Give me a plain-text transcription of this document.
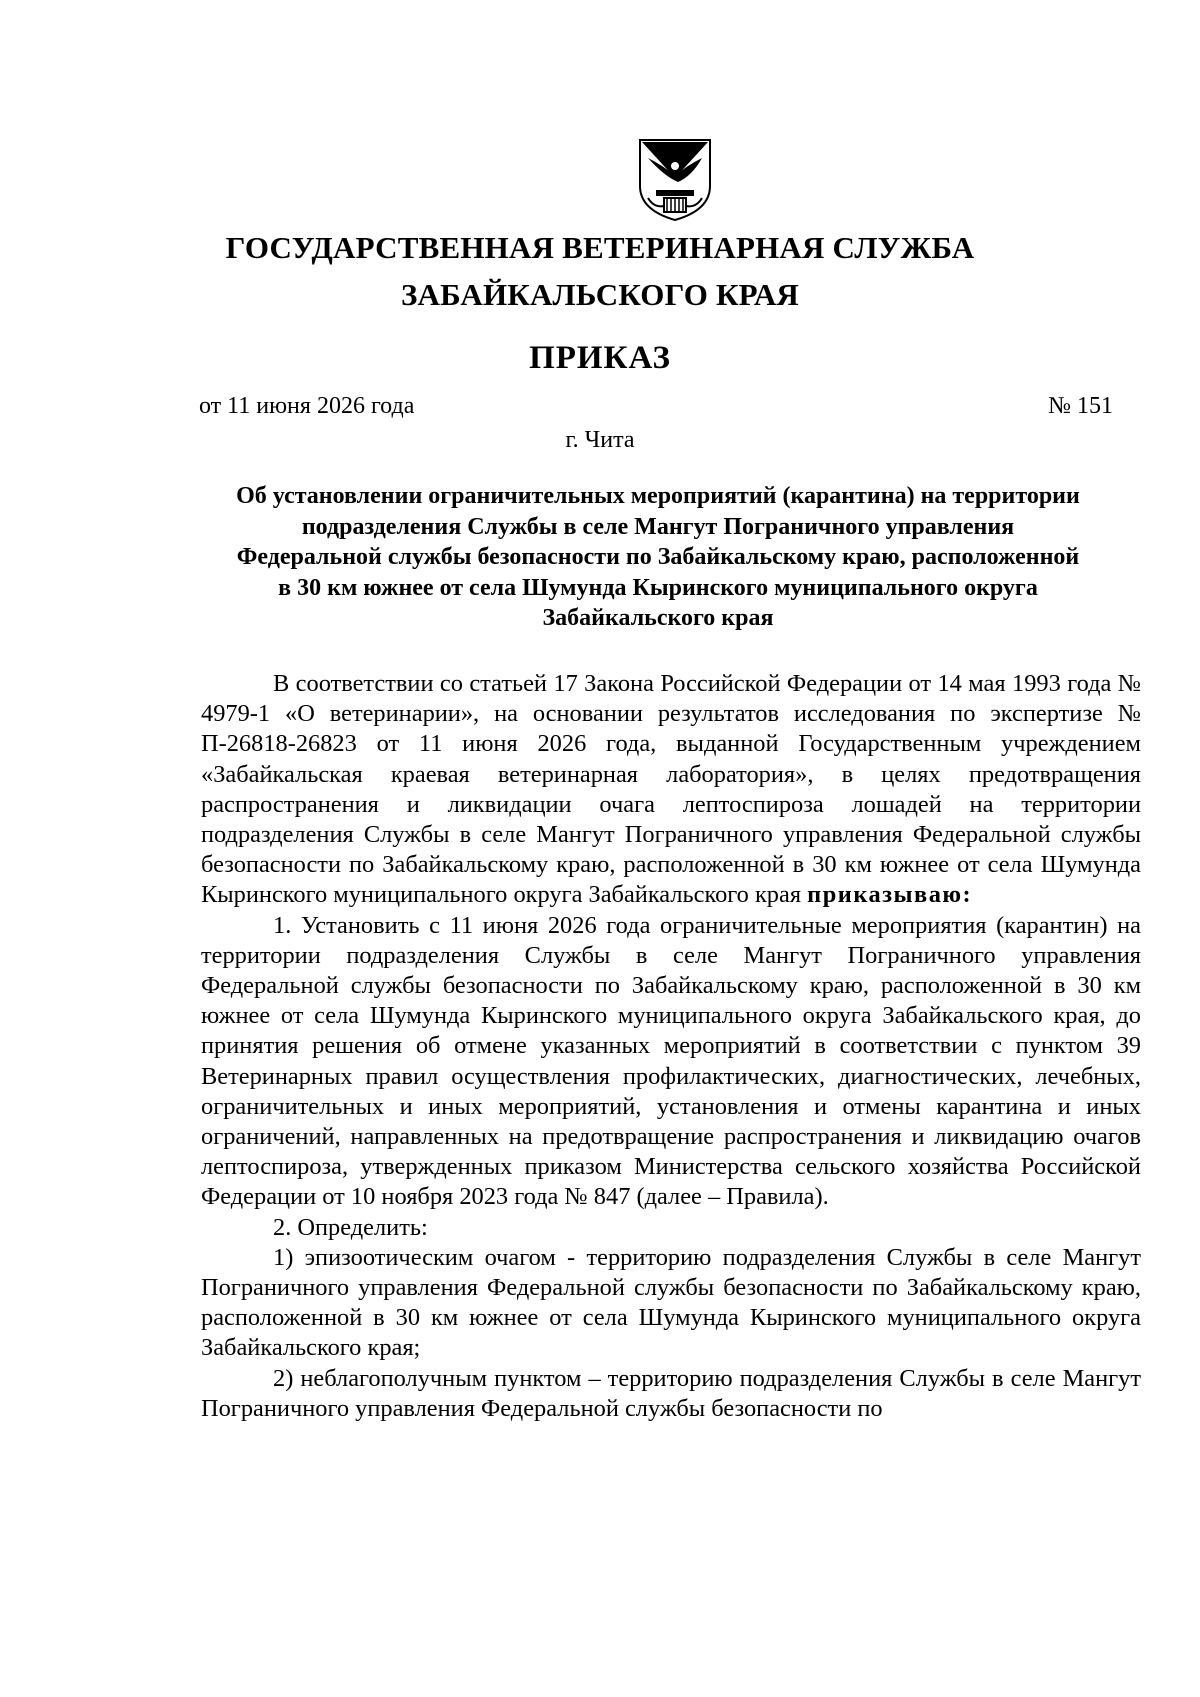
ГОСУДАРСТВЕННАЯ ВЕТЕРИНАРНАЯ СЛУЖБА
ЗАБАЙКАЛЬСКОГО КРАЯ
ПРИКАЗ
от 11 июня 2026 года	№ 151
г. Чита
Об установлении ограничительных мероприятий (карантина) на территории подразделения Службы в селе Мангут Пограничного управления Федеральной службы безопасности по Забайкальскому краю, расположенной в 30 км южнее от села Шумунда Кыринского муниципального округа Забайкальского края

В соответствии со статьей 17 Закона Российской Федерации от 14 мая 1993 года № 4979-1 «О ветеринарии», на основании результатов исследования по экспертизе № П-26818-26823 от 11 июня 2026 года, выданной Государственным учреждением «Забайкальская краевая ветеринарная лаборатория», в целях предотвращения распространения и ликвидации очага лептоспироза лошадей на территории подразделения Службы в селе Мангут Пограничного управления Федеральной службы безопасности по Забайкальскому краю, расположенной в 30 км южнее от села Шумунда Кыринского муниципального округа Забайкальского края приказываю:

1. Установить с 11 июня 2026 года ограничительные мероприятия (карантин) на территории подразделения Службы в селе Мангут Пограничного управления Федеральной службы безопасности по Забайкальскому краю, расположенной в 30 км южнее от села Шумунда Кыринского муниципального округа Забайкальского края, до принятия решения об отмене указанных мероприятий в соответствии с пунктом 39 Ветеринарных правил осуществления профилактических, диагностических, лечебных, ограничительных и иных мероприятий, установления и отмены карантина и иных ограничений, направленных на предотвращение распространения и ликвидацию очагов лептоспироза, утвержденных приказом Министерства сельского хозяйства Российской Федерации от 10 ноября 2023 года № 847 (далее – Правила).

2. Определить:

1) эпизоотическим очагом - территорию подразделения Службы в селе Мангут Пограничного управления Федеральной службы безопасности по Забайкальскому краю, расположенной в 30 км южнее от села Шумунда Кыринского муниципального округа Забайкальского края;

2) неблагополучным пунктом – территорию подразделения Службы в селе Мангут Пограничного управления Федеральной службы безопасности по
